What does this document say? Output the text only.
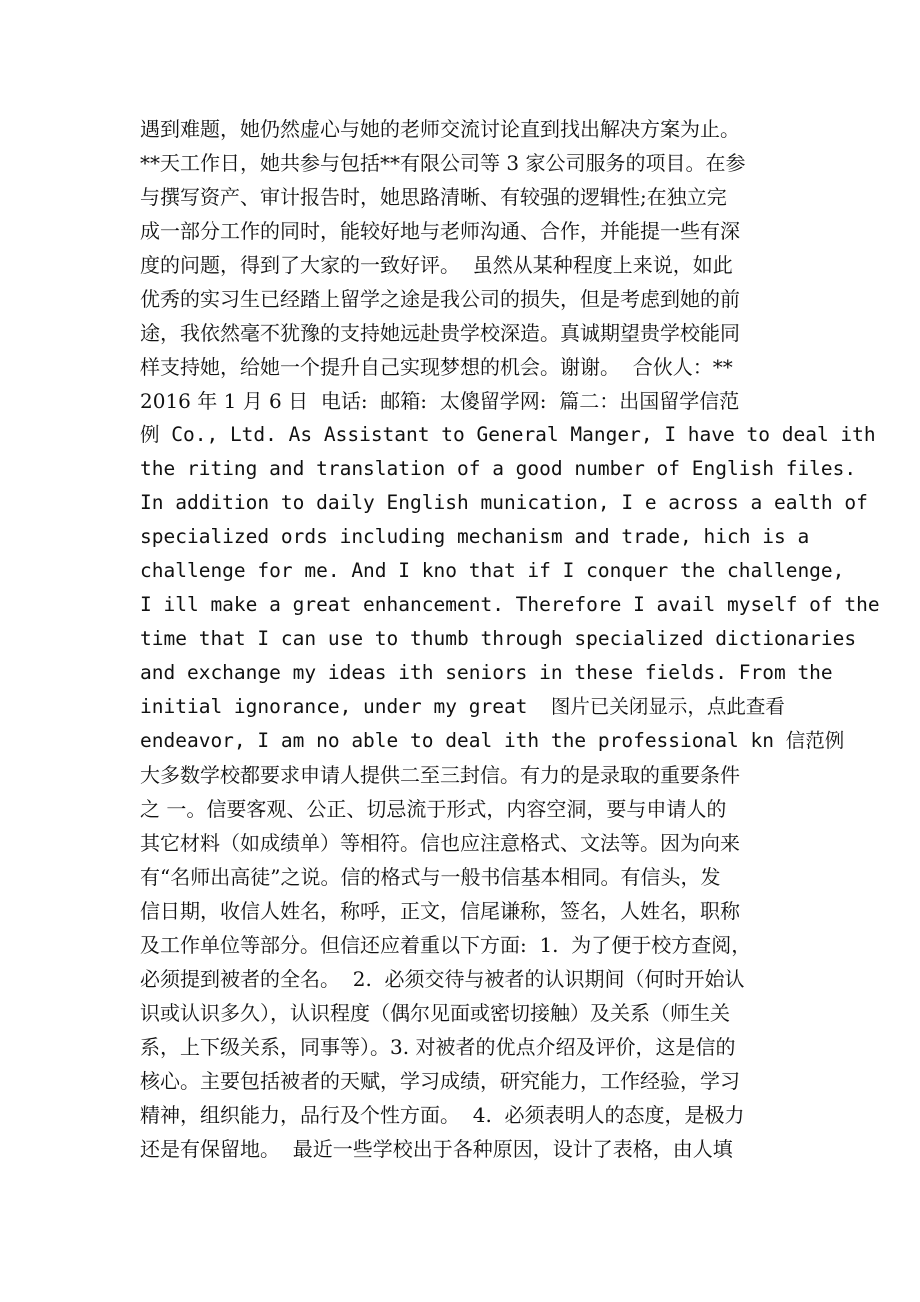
遇到难题，她仍然虚心与她的老师交流讨论直到找出解决方案为止。
**天工作日，她共参与包括**有限公司等 3 家公司服务的项目。在参
与撰写资产、审计报告时，她思路清晰、有较强的逻辑性;在独立完
成一部分工作的同时，能较好地与老师沟通、合作，并能提一些有深
度的问题，得到了大家的一致好评。  虽然从某种程度上来说，如此
优秀的实习生已经踏上留学之途是我公司的损失，但是考虑到她的前
途，我依然毫不犹豫的支持她远赴贵学校深造。真诚期望贵学校能同
样支持她，给她一个提升自己实现梦想的机会。谢谢。  合伙人：**
2016 年 1 月 6 日  电话:  邮箱:  太傻留学网:  篇二：出国留学信范
例 Co., Ltd. As Assistant to General Manger, I have to deal ith
the riting and translation of a good number of English files.
In addition to daily English munication, I e across a ealth of
specialized ords including mechanism and trade, hich is a
challenge for me. And I kno that if I conquer the challenge,
I ill make a great enhancement. Therefore I avail myself of the
time that I can use to thumb through specialized dictionaries
and exchange my ideas ith seniors in these fields. From the
initial ignorance, under my great  图片已关闭显示，点此查看
endeavor, I am no able to deal ith the professional kn 信范例
大多数学校都要求申请人提供二至三封信。有力的是录取的重要条件
之 一。信要客观、公正、切忌流于形式，内容空洞，要与申请人的
其它材料（如成绩单）等相符。信也应注意格式、文法等。因为向来
有“名师出高徒”之说。信的格式与一般书信基本相同。有信头，发
信日期，收信人姓名，称呼，正文，信尾谦称，签名，人姓名，职称
及工作单位等部分。但信还应着重以下方面:  1.  为了便于校方查阅，
必须提到被者的全名。  2.  必须交待与被者的认识期间（何时开始认
识或认识多久），认识程度（偶尔见面或密切接触）及关系（师生关
系，上下级关系，同事等）。3. 对被者的优点介绍及评价，这是信的
核心。主要包括被者的天赋，学习成绩，研究能力，工作经验，学习
精神，组织能力，品行及个性方面。  4.  必须表明人的态度，是极力
还是有保留地。  最近一些学校出于各种原因，设计了表格，由人填
